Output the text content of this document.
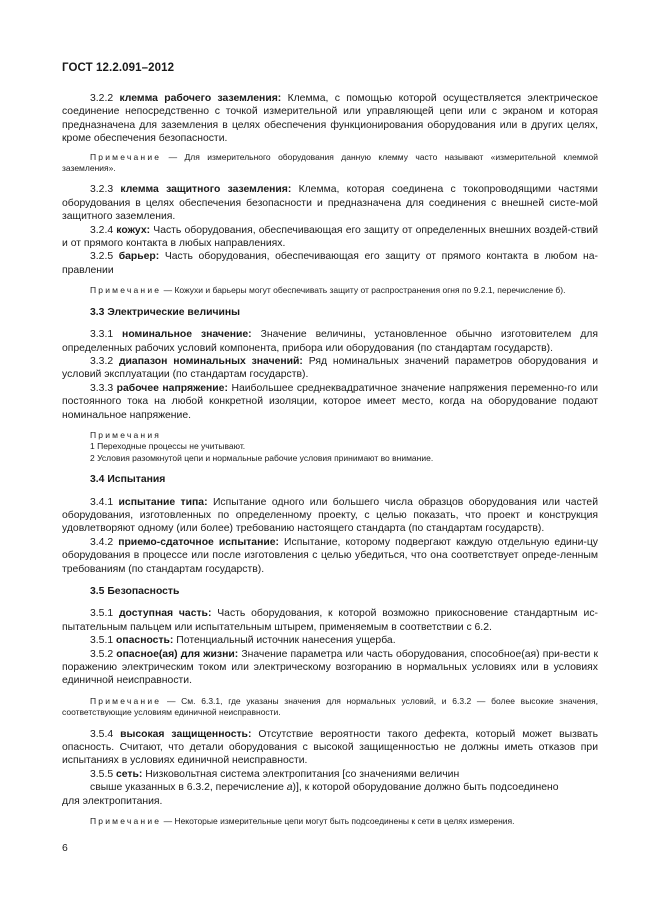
ГОСТ 12.2.091–2012

3.2.2 клемма рабочего заземления: Клемма, с помощью которой осуществляется электрическое соединение непосредственно с точкой измерительной или управляющей цепи или с экраном и которая предназначена для заземления в целях обеспечения функционирования оборудования или в других целях, кроме обеспечения безопасности.

Примечание — Для измерительного оборудования данную клемму часто называют «измерительной клеммой заземления».

3.2.3 клемма защитного заземления: Клемма, которая соединена с токопроводящими частями оборудования в целях обеспечения безопасности и предназначена для соединения с внешней систе-мой защитного заземления.

3.2.4 кожух: Часть оборудования, обеспечивающая его защиту от определенных внешних воздей-ствий и от прямого контакта в любых направлениях.

3.2.5 барьер: Часть оборудования, обеспечивающая его защиту от прямого контакта в любом на-правлении

Примечание — Кожухи и барьеры могут обеспечивать защиту от распространения огня по 9.2.1, перечисление б).

3.3 Электрические величины

3.3.1 номинальное значение: Значение величины, установленное обычно изготовителем для определенных рабочих условий компонента, прибора или оборудования (по стандартам государств).

3.3.2 диапазон номинальных значений: Ряд номинальных значений параметров оборудования и условий эксплуатации (по стандартам государств).

3.3.3 рабочее напряжение: Наибольшее среднеквадратичное значение напряжения переменно-го или постоянного тока на любой конкретной изоляции, которое имеет место, когда на оборудование подают номинальное напряжение.

Примечания

1 Переходные процессы не учитывают.

2 Условия разомкнутой цепи и нормальные рабочие условия принимают во внимание.

3.4 Испытания

3.4.1 испытание типа: Испытание одного или большего числа образцов оборудования или частей оборудования, изготовленных по определенному проекту, с целью показать, что проект и конструкция удовлетворяют одному (или более) требованию настоящего стандарта (по стандартам государств).

3.4.2 приемо-сдаточное испытание: Испытание, которому подвергают каждую отдельную едини-цу оборудования в процессе или после изготовления с целью убедиться, что она соответствует опреде-ленным требованиям (по стандартам государств).

3.5 Безопасность

3.5.1 доступная часть: Часть оборудования, к которой возможно прикосновение стандартным ис-пытательным пальцем или испытательным штырем, применяемым в соответствии с 6.2.

3.5.1 опасность: Потенциальный источник нанесения ущерба.

3.5.2 опасное(ая) для жизни: Значение параметра или часть оборудования, способное(ая) при-вести к поражению электрическим током или электрическому возгоранию в нормальных условиях или в условиях единичной неисправности.

Примечание — См. 6.3.1, где указаны значения для нормальных условий, и 6.3.2 — более высокие значения, соответствующие условиям единичной неисправности.

3.5.4 высокая защищенность: Отсутствие вероятности такого дефекта, который может вызвать опасность. Считают, что детали оборудования с высокой защищенностью не должны иметь отказов при испытаниях в условиях единичной неисправности.

3.5.5 сеть: Низковольтная система электропитания [со значениями величин

свыше указанных в 6.3.2, перечисление а)], к которой оборудование должно быть подсоединено

для электропитания.

Примечание — Некоторые измерительные цепи могут быть подсоединены к сети в целях измерения.

6
